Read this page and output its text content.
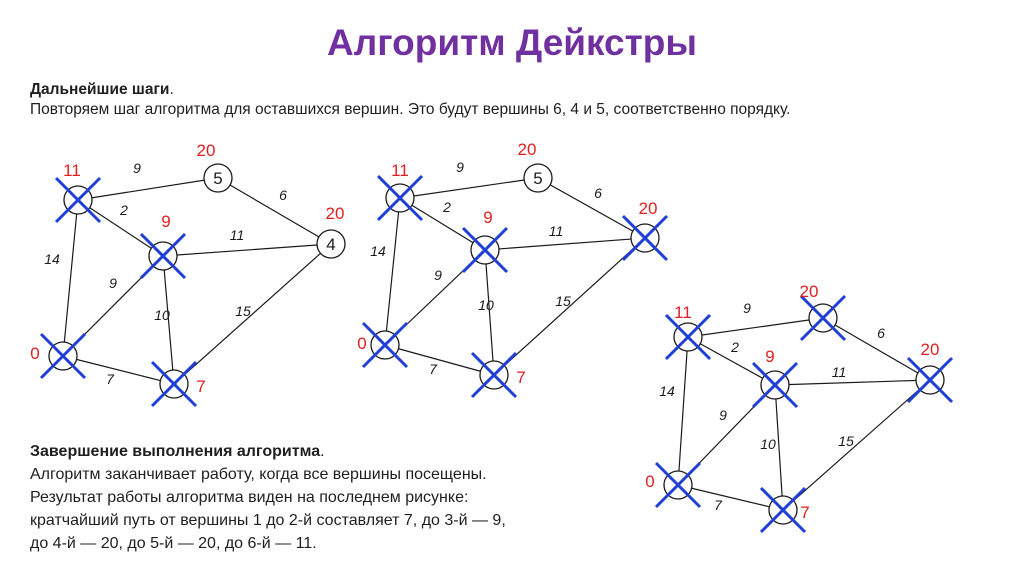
Алгоритм Дейкстры
Дальнейшие шаги.
Повторяем шаг алгоритма для оставшихся вершин. Это будут вершины 6, 4 и 5, соответственно порядку.
Завершение выполнения алгоритма.
Алгоритм заканчивает работу, когда все вершины посещены.
Результат работы алгоритма виден на последнем рисунке:
кратчайший путь от вершины 1 до 2-й составляет 7, до 3-й — 9,
до 4-й — 20, до 5-й — 20, до 6-й — 11.
9
2
14
6
11
9
10	15
7
11	5
20
4
20
9
0
7
9
2
14
6
11
9
10	15
7
11	5
20
20
9
0
7
9
2
14
6
11
9
10	15
7
11
20
20
9
0
7
